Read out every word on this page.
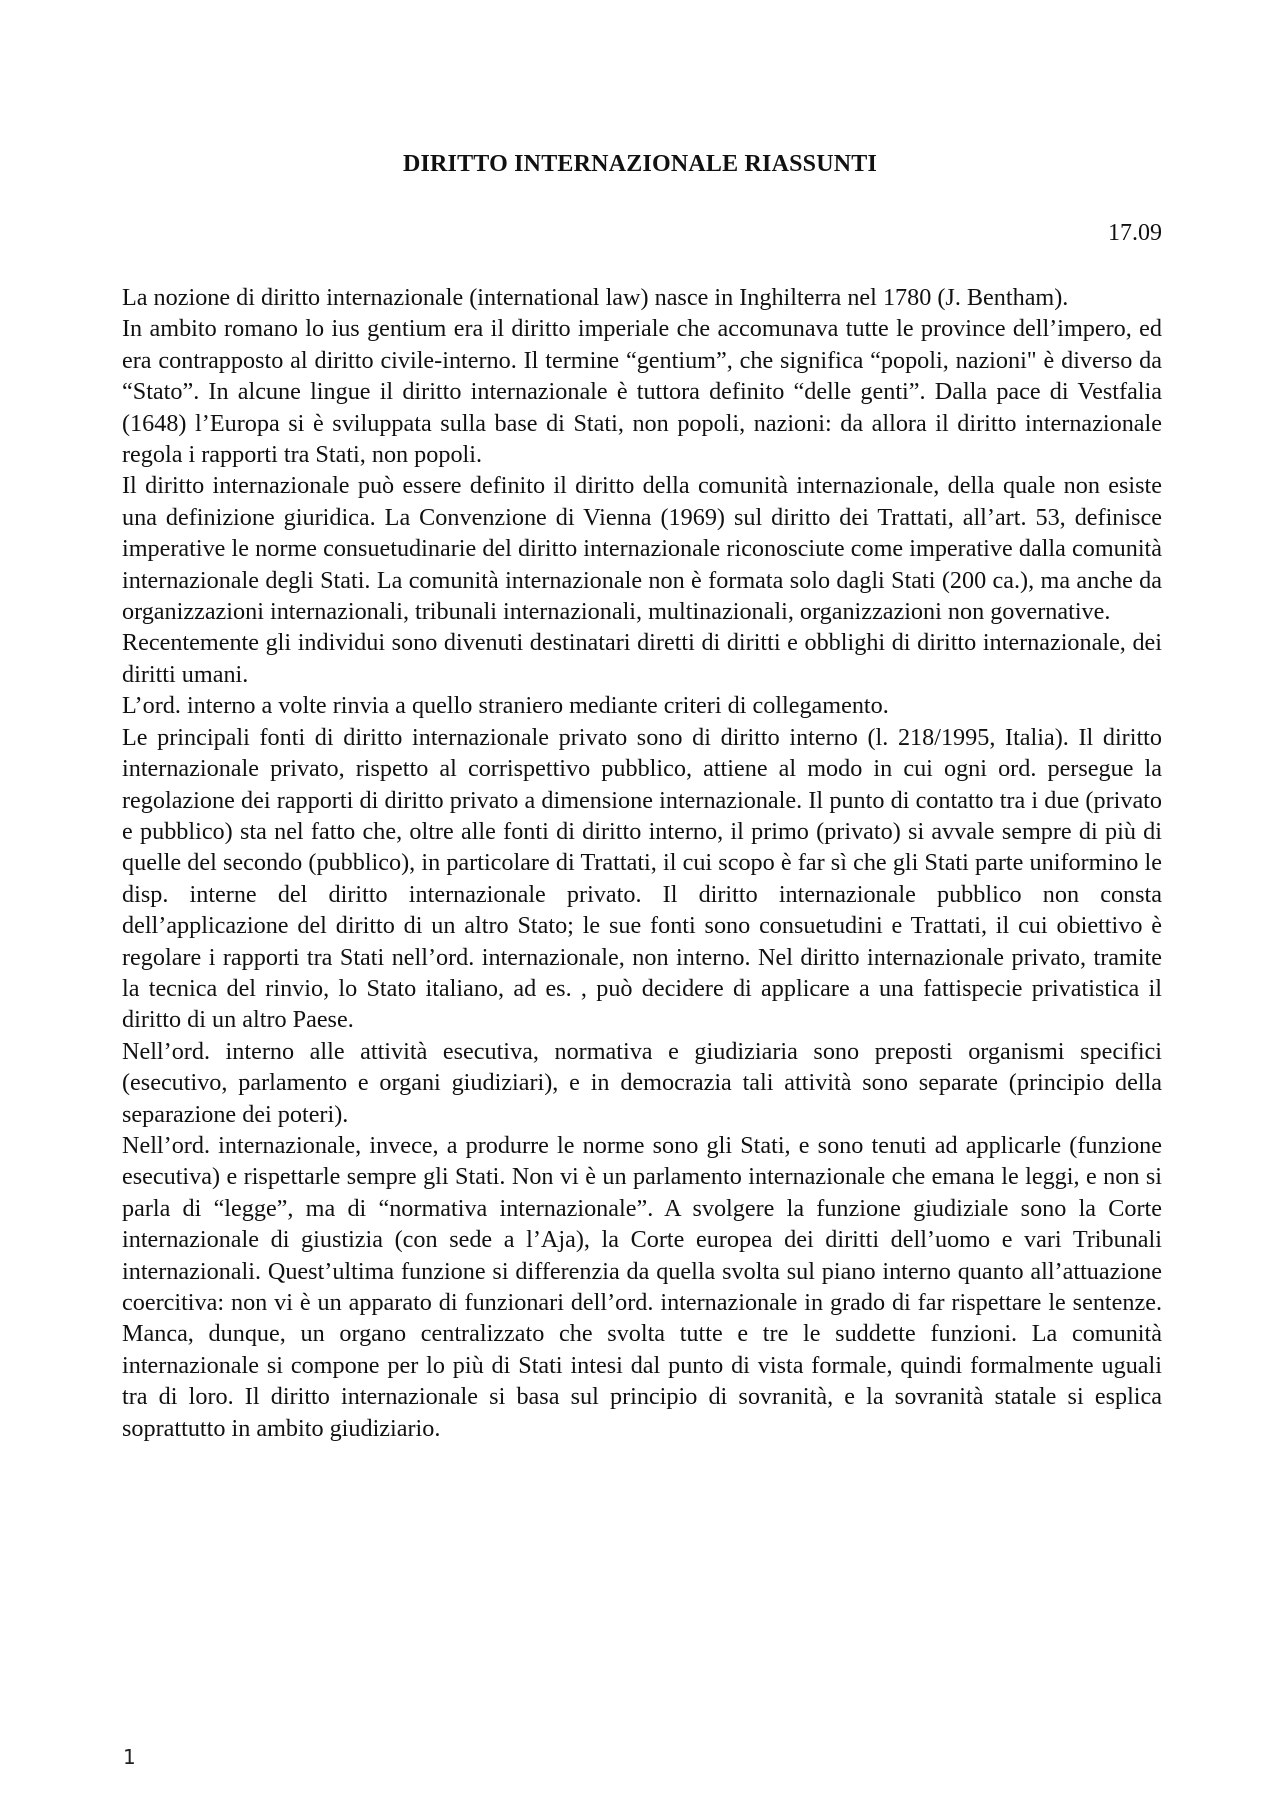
DIRITTO INTERNAZIONALE RIASSUNTI
17.09

La nozione di diritto internazionale (international law) nasce in Inghilterra nel 1780 (J. Bentham).

In ambito romano lo ius gentium era il diritto imperiale che accomunava tutte le province dell’impero, ed era contrapposto al diritto civile-interno. Il termine “gentium”, che significa “popoli, nazioni" è diverso da “Stato”. In alcune lingue il diritto internazionale è tuttora definito “delle genti”. Dalla pace di Vestfalia (1648) l’Europa si è sviluppata sulla base di Stati, non popoli, nazioni: da allora il diritto internazionale regola i rapporti tra Stati, non popoli.

Il diritto internazionale può essere definito il diritto della comunità internazionale, della quale non esiste una definizione giuridica. La Convenzione di Vienna (1969) sul diritto dei Trattati, all’art. 53, definisce imperative le norme consuetudinarie del diritto internazionale riconosciute come imperative dalla comunità internazionale degli Stati. La comunità internazionale non è formata solo dagli Stati (200 ca.), ma anche da organizzazioni internazionali, tribunali internazionali, multinazionali, organizzazioni non governative.

Recentemente gli individui sono divenuti destinatari diretti di diritti e obblighi di diritto internazionale, dei diritti umani.

L’ord. interno a volte rinvia a quello straniero mediante criteri di collegamento.

Le principali fonti di diritto internazionale privato sono di diritto interno (l. 218/1995, Italia). Il diritto internazionale privato, rispetto al corrispettivo pubblico, attiene al modo in cui ogni ord. persegue la regolazione dei rapporti di diritto privato a dimensione internazionale. Il punto di contatto tra i due (privato e pubblico) sta nel fatto che, oltre alle fonti di diritto interno, il primo (privato) si avvale sempre di più di quelle del secondo (pubblico), in particolare di Trattati, il cui scopo è far sì che gli Stati parte uniformino le disp. interne del diritto internazionale privato. Il diritto internazionale pubblico non consta dell’applicazione del diritto di un altro Stato; le sue fonti sono consuetudini e Trattati, il cui obiettivo è regolare i rapporti tra Stati nell’ord. internazionale, non interno. Nel diritto internazionale privato, tramite la tecnica del rinvio, lo Stato italiano, ad es. , può decidere di applicare a una fattispecie privatistica il diritto di un altro Paese.

Nell’ord. interno alle attività esecutiva, normativa e giudiziaria sono preposti organismi specifici (esecutivo, parlamento e organi giudiziari), e in democrazia tali attività sono separate (principio della separazione dei poteri).

Nell’ord. internazionale, invece, a produrre le norme sono gli Stati, e sono tenuti ad applicarle (funzione esecutiva) e rispettarle sempre gli Stati. Non vi è un parlamento internazionale che emana le leggi, e non si parla di “legge”, ma di “normativa internazionale”. A svolgere la funzione giudiziale sono la Corte internazionale di giustizia (con sede a l’Aja), la Corte europea dei diritti dell’uomo e vari Tribunali internazionali. Quest’ultima funzione si differenzia da quella svolta sul piano interno quanto all’attuazione coercitiva: non vi è un apparato di funzionari dell’ord. internazionale in grado di far rispettare le sentenze. Manca, dunque, un organo centralizzato che svolta tutte e tre le suddette funzioni. La comunità internazionale si compone per lo più di Stati intesi dal punto di vista formale, quindi formalmente uguali tra di loro. Il diritto internazionale si basa sul principio di sovranità, e la sovranità statale si esplica soprattutto in ambito giudiziario.

1
